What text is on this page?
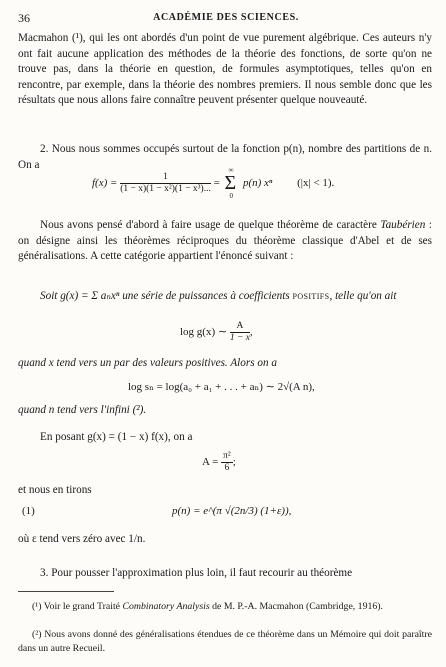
36	ACADÉMIE DES SCIENCES.
Macmahon (¹), qui les ont abordés d'un point de vue purement algébrique. Ces auteurs n'y ont fait aucune application des méthodes de la théorie des fonctions, de sorte qu'on ne trouve pas, dans la théorie en question, de formules asymptotiques, telles qu'on en rencontre, par exemple, dans la théorie des nombres premiers. Il nous semble donc que les résultats que nous allons faire connaître peuvent présenter quelque nouveauté.
2. Nous nous sommes occupés surtout de la fonction p(n), nombre des partitions de n. On a
$f(x) = \frac{1}{\text{(1 − x)(1 − x²)(1 − x³)...}} = \Sigma$
∞
0
p(n) xⁿ (|x| < 1).
Nous avons pensé d'abord à faire usage de quelque théorème de caractère Taubérien : on désigne ainsi les théorèmes réciproques du théorème classique d'Abel et de ses généralisations. A cette catégorie appartient l'énoncé suivant :
Soit g(x) = Σ aₙxⁿ une série de puissances à coefficients POSITIFS, telle qu'on ait
log g(x) ∼ $\frac{A}{1 - x}$ ,
quand x tend vers un par des valeurs positives. Alors on a
log sₙ = log(a₀ + a₁ + . . . + aₙ) ∼ 2√(A n),
quand n tend vers l'infini (²).
En posant g(x) = (1 − x) f(x), on a
$A = \frac{\text{π²}}{6}$ ;
et nous en tirons
(1)	p(n) = e^(π √(2n/3) (1+ε)),
où ε tend vers zéro avec 1/n.
3. Pour pousser l'approximation plus loin, il faut recourir au théorème
(¹) Voir le grand Traité Combinatory Analysis de M. P.-A. Macmahon (Cambridge, 1916).
(²) Nous avons donné des généralisations étendues de ce théorème dans un Mémoire qui doit paraître dans un autre Recueil.
